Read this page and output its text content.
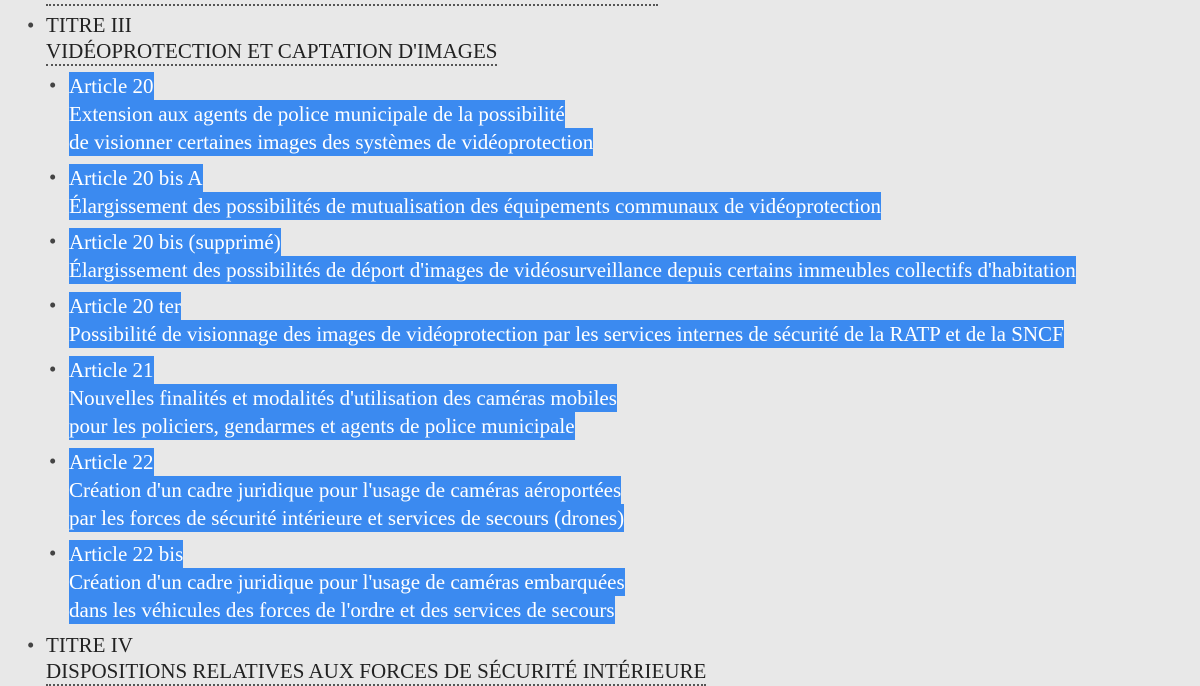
• TITRE III
VIDÉOPROTECTION ET CAPTATION D'IMAGES
• Article 20
Extension aux agents de police municipale de la possibilité
de visionner certaines images des systèmes de vidéoprotection
• Article 20 bis A
Élargissement des possibilités de mutualisation des équipements communaux de vidéoprotection
• Article 20 bis (supprimé)
Élargissement des possibilités de déport d'images de vidéosurveillance depuis certains immeubles collectifs d'habitation
• Article 20 ter
Possibilité de visionnage des images de vidéoprotection par les services internes de sécurité de la RATP et de la SNCF
• Article 21
Nouvelles finalités et modalités d'utilisation des caméras mobiles
pour les policiers, gendarmes et agents de police municipale
• Article 22
Création d'un cadre juridique pour l'usage de caméras aéroportées
par les forces de sécurité intérieure et services de secours (drones)
• Article 22 bis
Création d'un cadre juridique pour l'usage de caméras embarquées
dans les véhicules des forces de l'ordre et des services de secours
• TITRE IV
DISPOSITIONS RELATIVES AUX FORCES DE SÉCURITÉ INTÉRIEURE
